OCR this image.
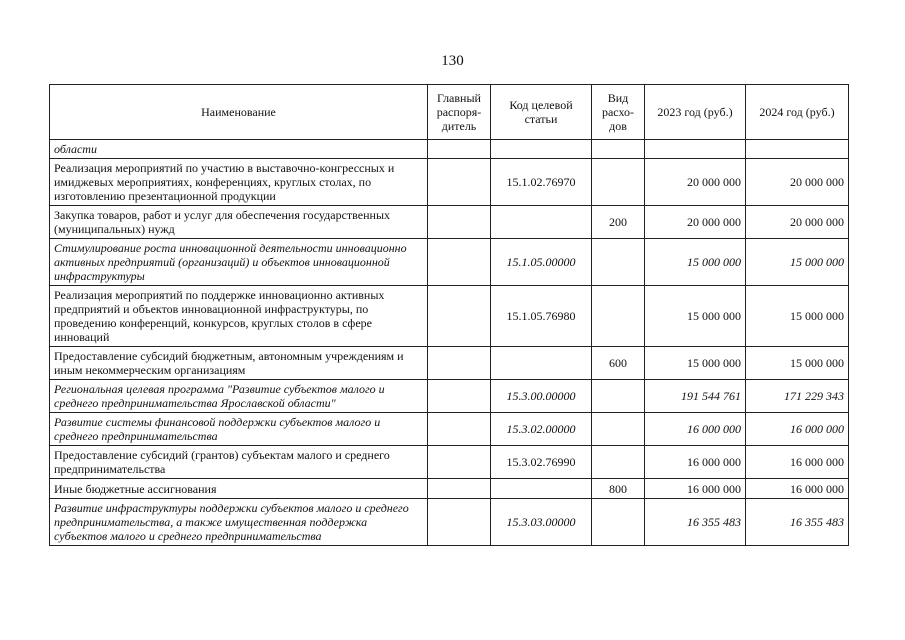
130
Наименование	Главный распоря-дитель	Код целевой статьи	Вид расхо-дов	2023 год (руб.)	2024 год (руб.)
области					
Реализация мероприятий по участию в выставочно-конгрессных и имиджевых мероприятиях, конференциях, круглых столах, по изготовлению презентационной продукции		15.1.02.76970		20 000 000	20 000 000
Закупка товаров, работ и услуг для обеспечения государственных (муниципальных) нужд			200	20 000 000	20 000 000
Стимулирование роста инновационной деятельности инновационно активных предприятий (организаций) и объектов инновационной инфраструктуры		15.1.05.00000		15 000 000	15 000 000
Реализация мероприятий по поддержке инновационно активных предприятий и объектов инновационной инфраструктуры, по проведению конференций, конкурсов, круглых столов в сфере инноваций		15.1.05.76980		15 000 000	15 000 000
Предоставление субсидий бюджетным, автономным учреждениям и иным некоммерческим организациям			600	15 000 000	15 000 000
Региональная целевая программа "Развитие субъектов малого и среднего предпринимательства Ярославской области"		15.3.00.00000		191 544 761	171 229 343
Развитие системы финансовой поддержки субъектов малого и среднего предпринимательства		15.3.02.00000		16 000 000	16 000 000
Предоставление субсидий (грантов) субъектам малого и среднего предпринимательства		15.3.02.76990		16 000 000	16 000 000
Иные бюджетные ассигнования			800	16 000 000	16 000 000
Развитие инфраструктуры поддержки субъектов малого и среднего предпринимательства, а также имущественная поддержка субъектов малого и среднего предпринимательства		15.3.03.00000		16 355 483	16 355 483
